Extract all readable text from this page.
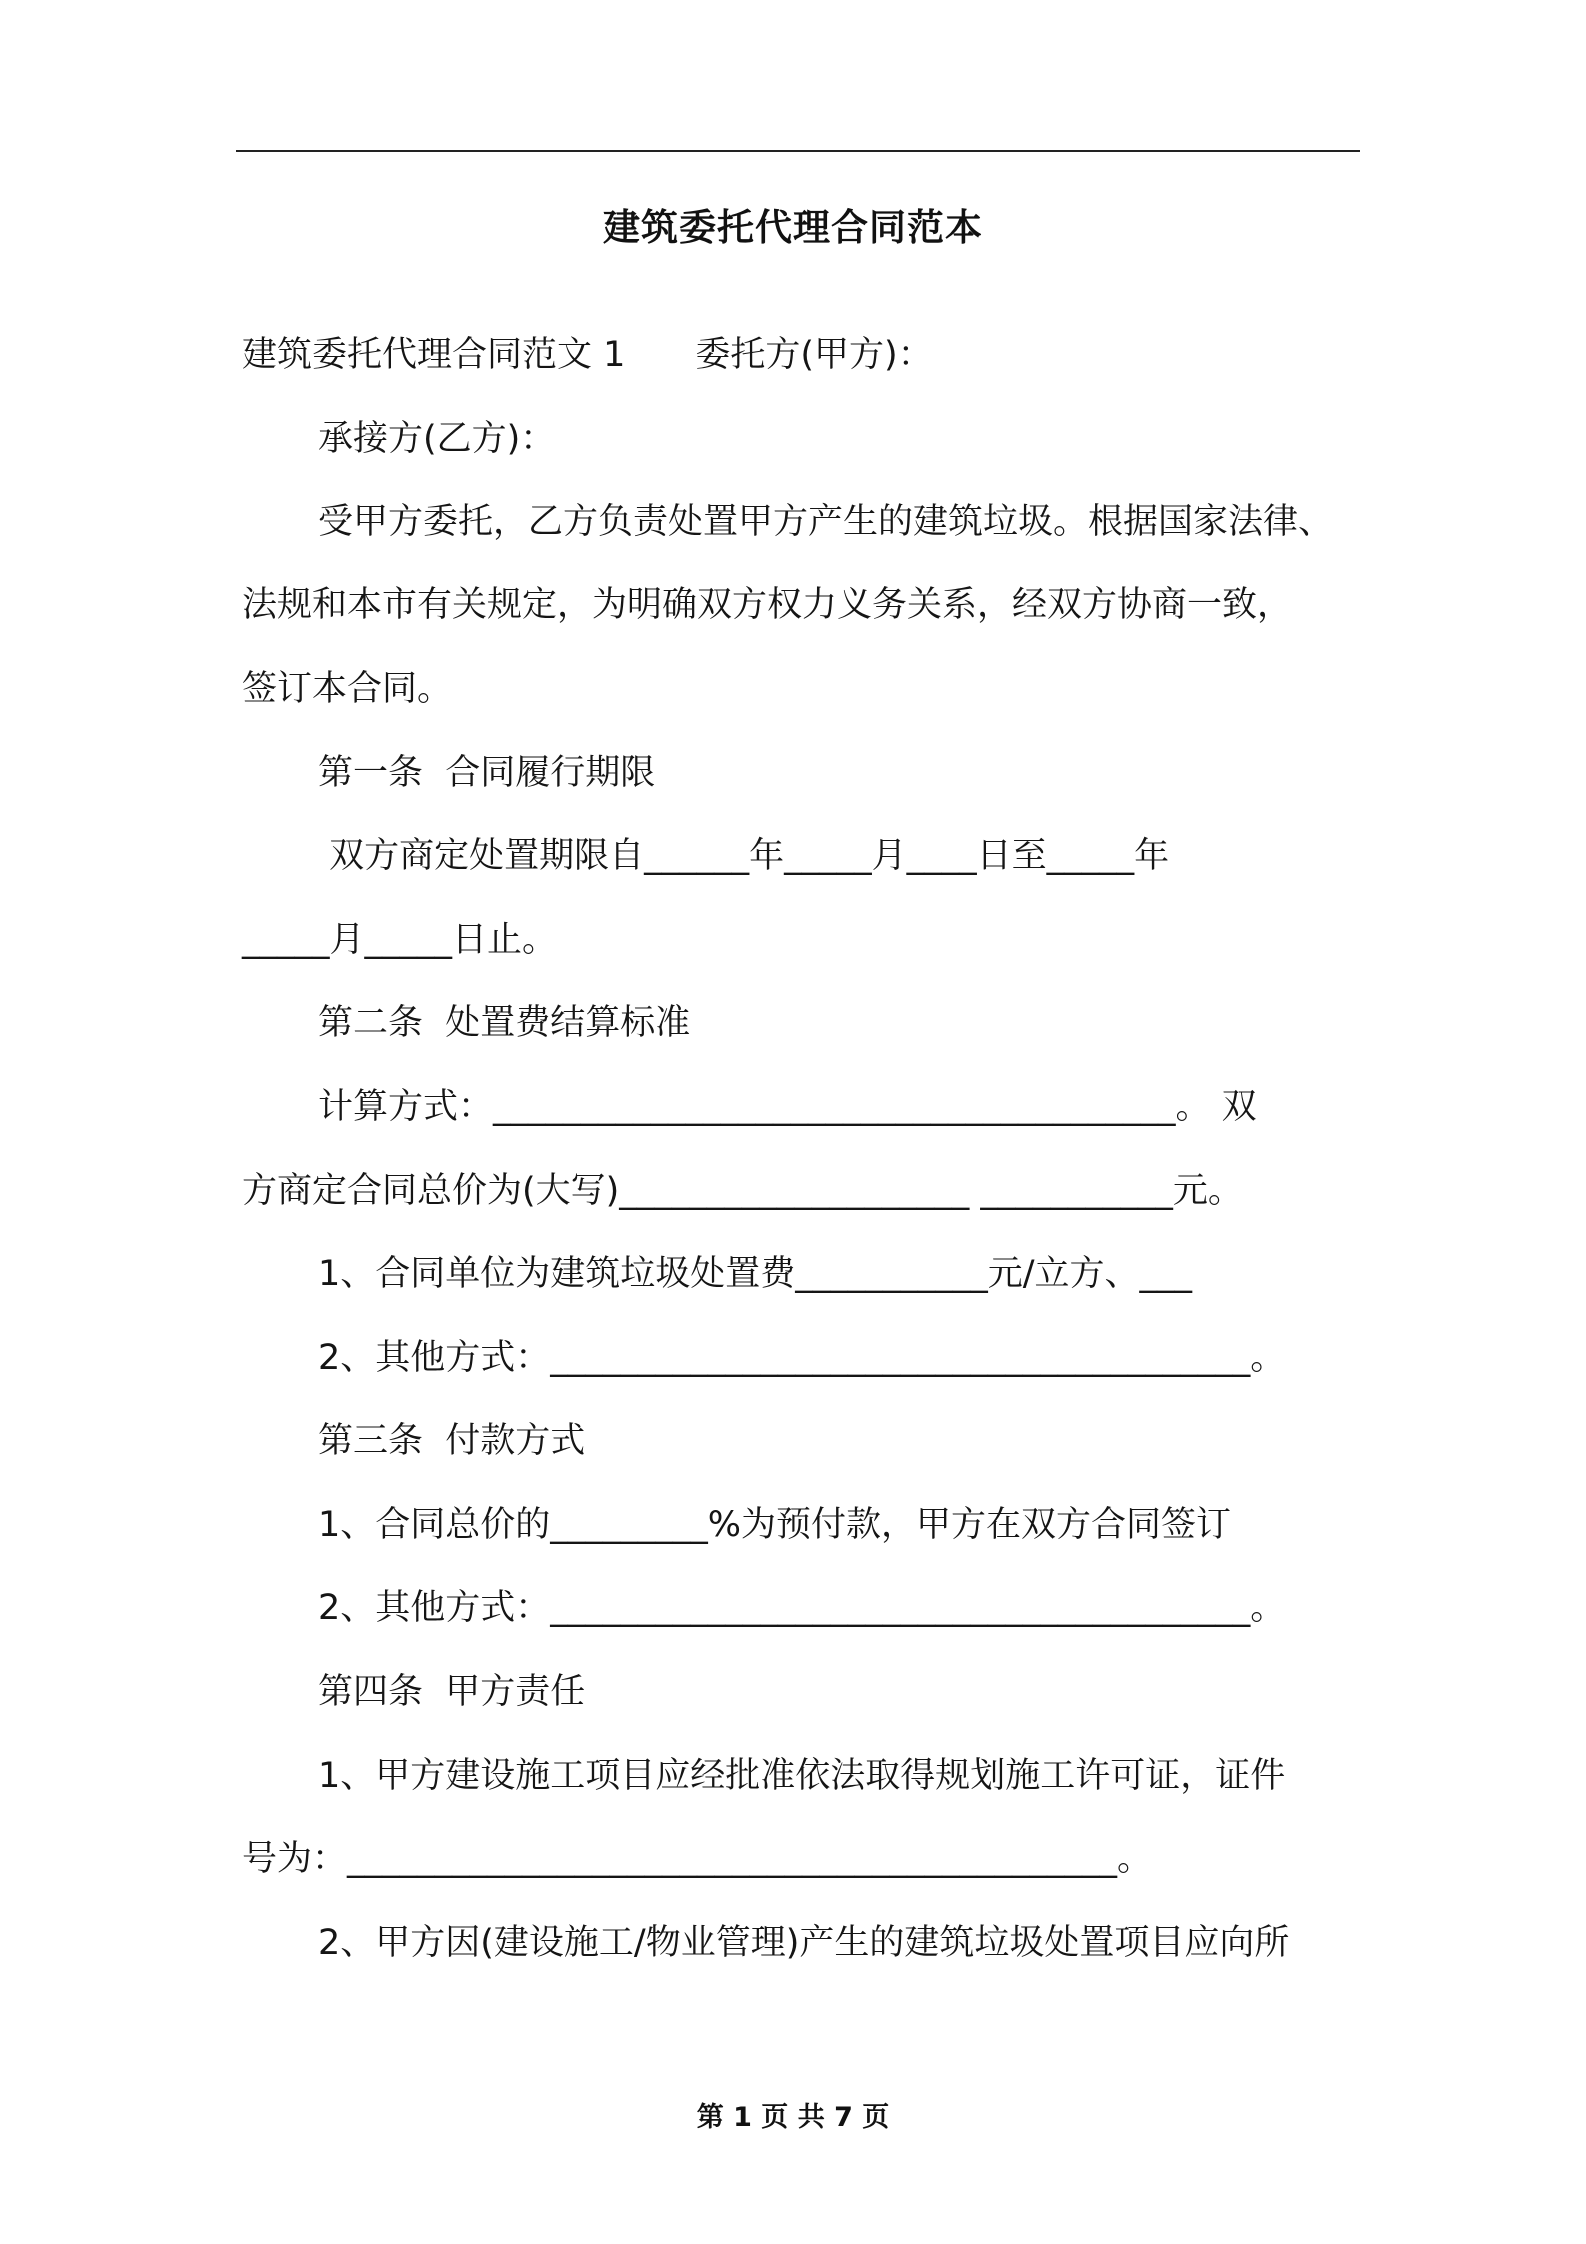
建筑委托代理合同范本
建筑委托代理合同范文 1　　委托方(甲方)：
承接方(乙方)：
受甲方委托，乙方负责处置甲方产生的建筑垃圾。根据国家法律、
法规和本市有关规定，为明确双方权力义务关系，经双方协商一致，
签订本合同。
第一条  合同履行期限
双方商定处置期限自______年_____月____日至_____年
_____月_____日止。
第二条  处置费结算标准
计算方式：_______________________________________。 双
方商定合同总价为(大写)____________________ ___________元。
1、合同单位为建筑垃圾处置费___________元/立方、___
2、其他方式：________________________________________。
第三条  付款方式
1、合同总价的_________%为预付款，甲方在双方合同签订
2、其他方式：________________________________________。
第四条  甲方责任
1、甲方建设施工项目应经批准依法取得规划施工许可证，证件
号为：____________________________________________。
2、甲方因(建设施工/物业管理)产生的建筑垃圾处置项目应向所
第 1 页 共 7 页
